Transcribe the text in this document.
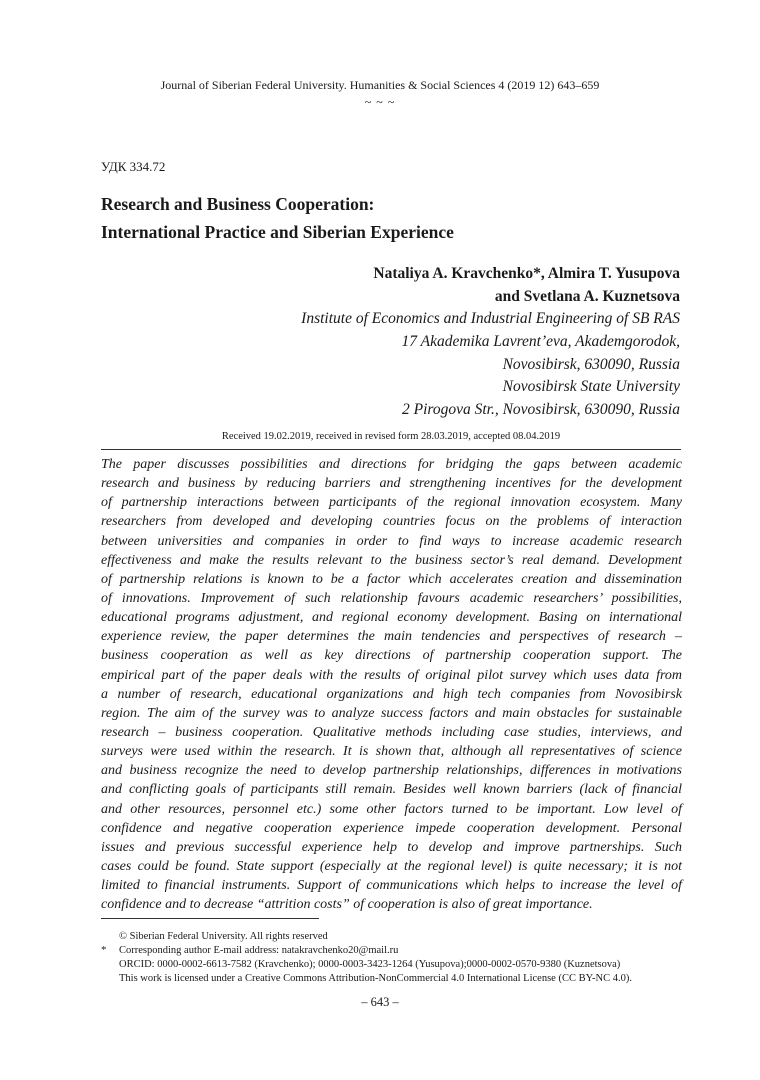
Journal of Siberian Federal University. Humanities & Social Sciences 4 (2019 12) 643–659
~ ~ ~
УДК 334.72
Research and Business Cooperation:
International Practice and Siberian Experience
Nataliya A. Kravchenko*, Almira T. Yusupova
and Svetlana A. Kuznetsova
Institute of Economics and Industrial Engineering of SB RAS
17 Akademika Lavrent’eva, Akademgorodok,
Novosibirsk, 630090, Russia
Novosibirsk State University
2 Pirogova Str., Novosibirsk, 630090, Russia
Received 19.02.2019, received in revised form 28.03.2019, accepted 08.04.2019
The paper discusses possibilities and directions for bridging the gaps between academic
research and business by reducing barriers and strengthening incentives for the development
of partnership interactions between participants of the regional innovation ecosystem. Many
researchers from developed and developing countries focus on the problems of interaction
between universities and companies in order to find ways to increase academic research
effectiveness and make the results relevant to the business sector’s real demand. Development
of partnership relations is known to be a factor which accelerates creation and dissemination
of innovations. Improvement of such relationship favours academic researchers’ possibilities,
educational programs adjustment, and regional economy development. Basing on international
experience review, the paper determines the main tendencies and perspectives of research –
business cooperation as well as key directions of partnership cooperation support. The
empirical part of the paper deals with the results of original pilot survey which uses data from
a number of research, educational organizations and high tech companies from Novosibirsk
region. The aim of the survey was to analyze success factors and main obstacles for sustainable
research – business cooperation. Qualitative methods including case studies, interviews, and
surveys were used within the research. It is shown that, although all representatives of science
and business recognize the need to develop partnership relationships, differences in motivations
and conflicting goals of participants still remain. Besides well known barriers (lack of financial
and other resources, personnel etc.) some other factors turned to be important. Low level of
confidence and negative cooperation experience impede cooperation development. Personal
issues and previous successful experience help to develop and improve partnerships. Such
cases could be found. State support (especially at the regional level) is quite necessary; it is not
limited to financial instruments. Support of communications which helps to increase the level of
confidence and to decrease “attrition costs” of cooperation is also of great importance.
© Siberian Federal University. All rights reserved
* Corresponding author E-mail address: natakravchenko20@mail.ru
ORCID: 0000-0002-6613-7582 (Kravchenko); 0000-0003-3423-1264 (Yusupova);0000-0002-0570-9380 (Kuznetsova)
This work is licensed under a Creative Commons Attribution-NonCommercial 4.0 International License (CC BY-NC 4.0).
– 643 –
